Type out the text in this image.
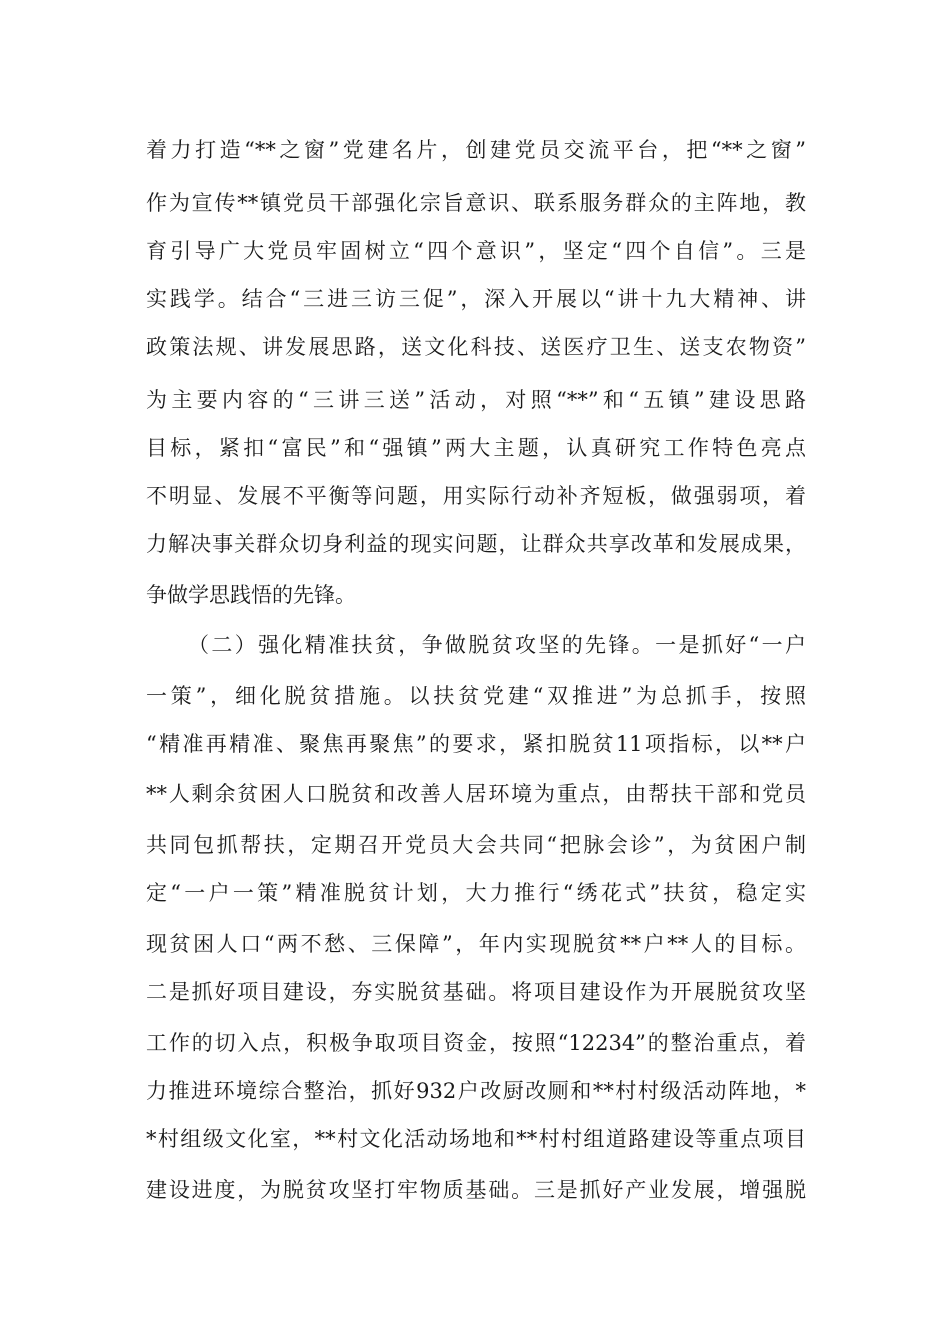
着力打造“**之窗”党建名片，创建党员交流平台，把“**之窗”
作为宣传**镇党员干部强化宗旨意识、联系服务群众的主阵地，教
育引导广大党员牢固树立“四个意识”，坚定“四个自信”。三是
实践学。结合“三进三访三促”，深入开展以“讲十九大精神、讲
政策法规、讲发展思路，送文化科技、送医疗卫生、送支农物资”
为主要内容的“三讲三送”活动，对照“**”和“五镇”建设思路
目标，紧扣“富民”和“强镇”两大主题，认真研究工作特色亮点
不明显、发展不平衡等问题，用实际行动补齐短板，做强弱项，着
力解决事关群众切身利益的现实问题，让群众共享改革和发展成果，
争做学思践悟的先锋。
（二）强化精准扶贫，争做脱贫攻坚的先锋。一是抓好“一户
一策”，细化脱贫措施。以扶贫党建“双推进”为总抓手，按照
“精准再精准、聚焦再聚焦”的要求，紧扣脱贫11项指标，以**户
**人剩余贫困人口脱贫和改善人居环境为重点，由帮扶干部和党员
共同包抓帮扶，定期召开党员大会共同“把脉会诊”，为贫困户制
定“一户一策”精准脱贫计划，大力推行“绣花式”扶贫，稳定实
现贫困人口“两不愁、三保障”，年内实现脱贫**户**人的目标。
二是抓好项目建设，夯实脱贫基础。将项目建设作为开展脱贫攻坚
工作的切入点，积极争取项目资金，按照“12234”的整治重点，着
力推进环境综合整治，抓好932户改厨改厕和**村村级活动阵地，*
*村组级文化室，**村文化活动场地和**村村组道路建设等重点项目
建设进度，为脱贫攻坚打牢物质基础。三是抓好产业发展，增强脱
